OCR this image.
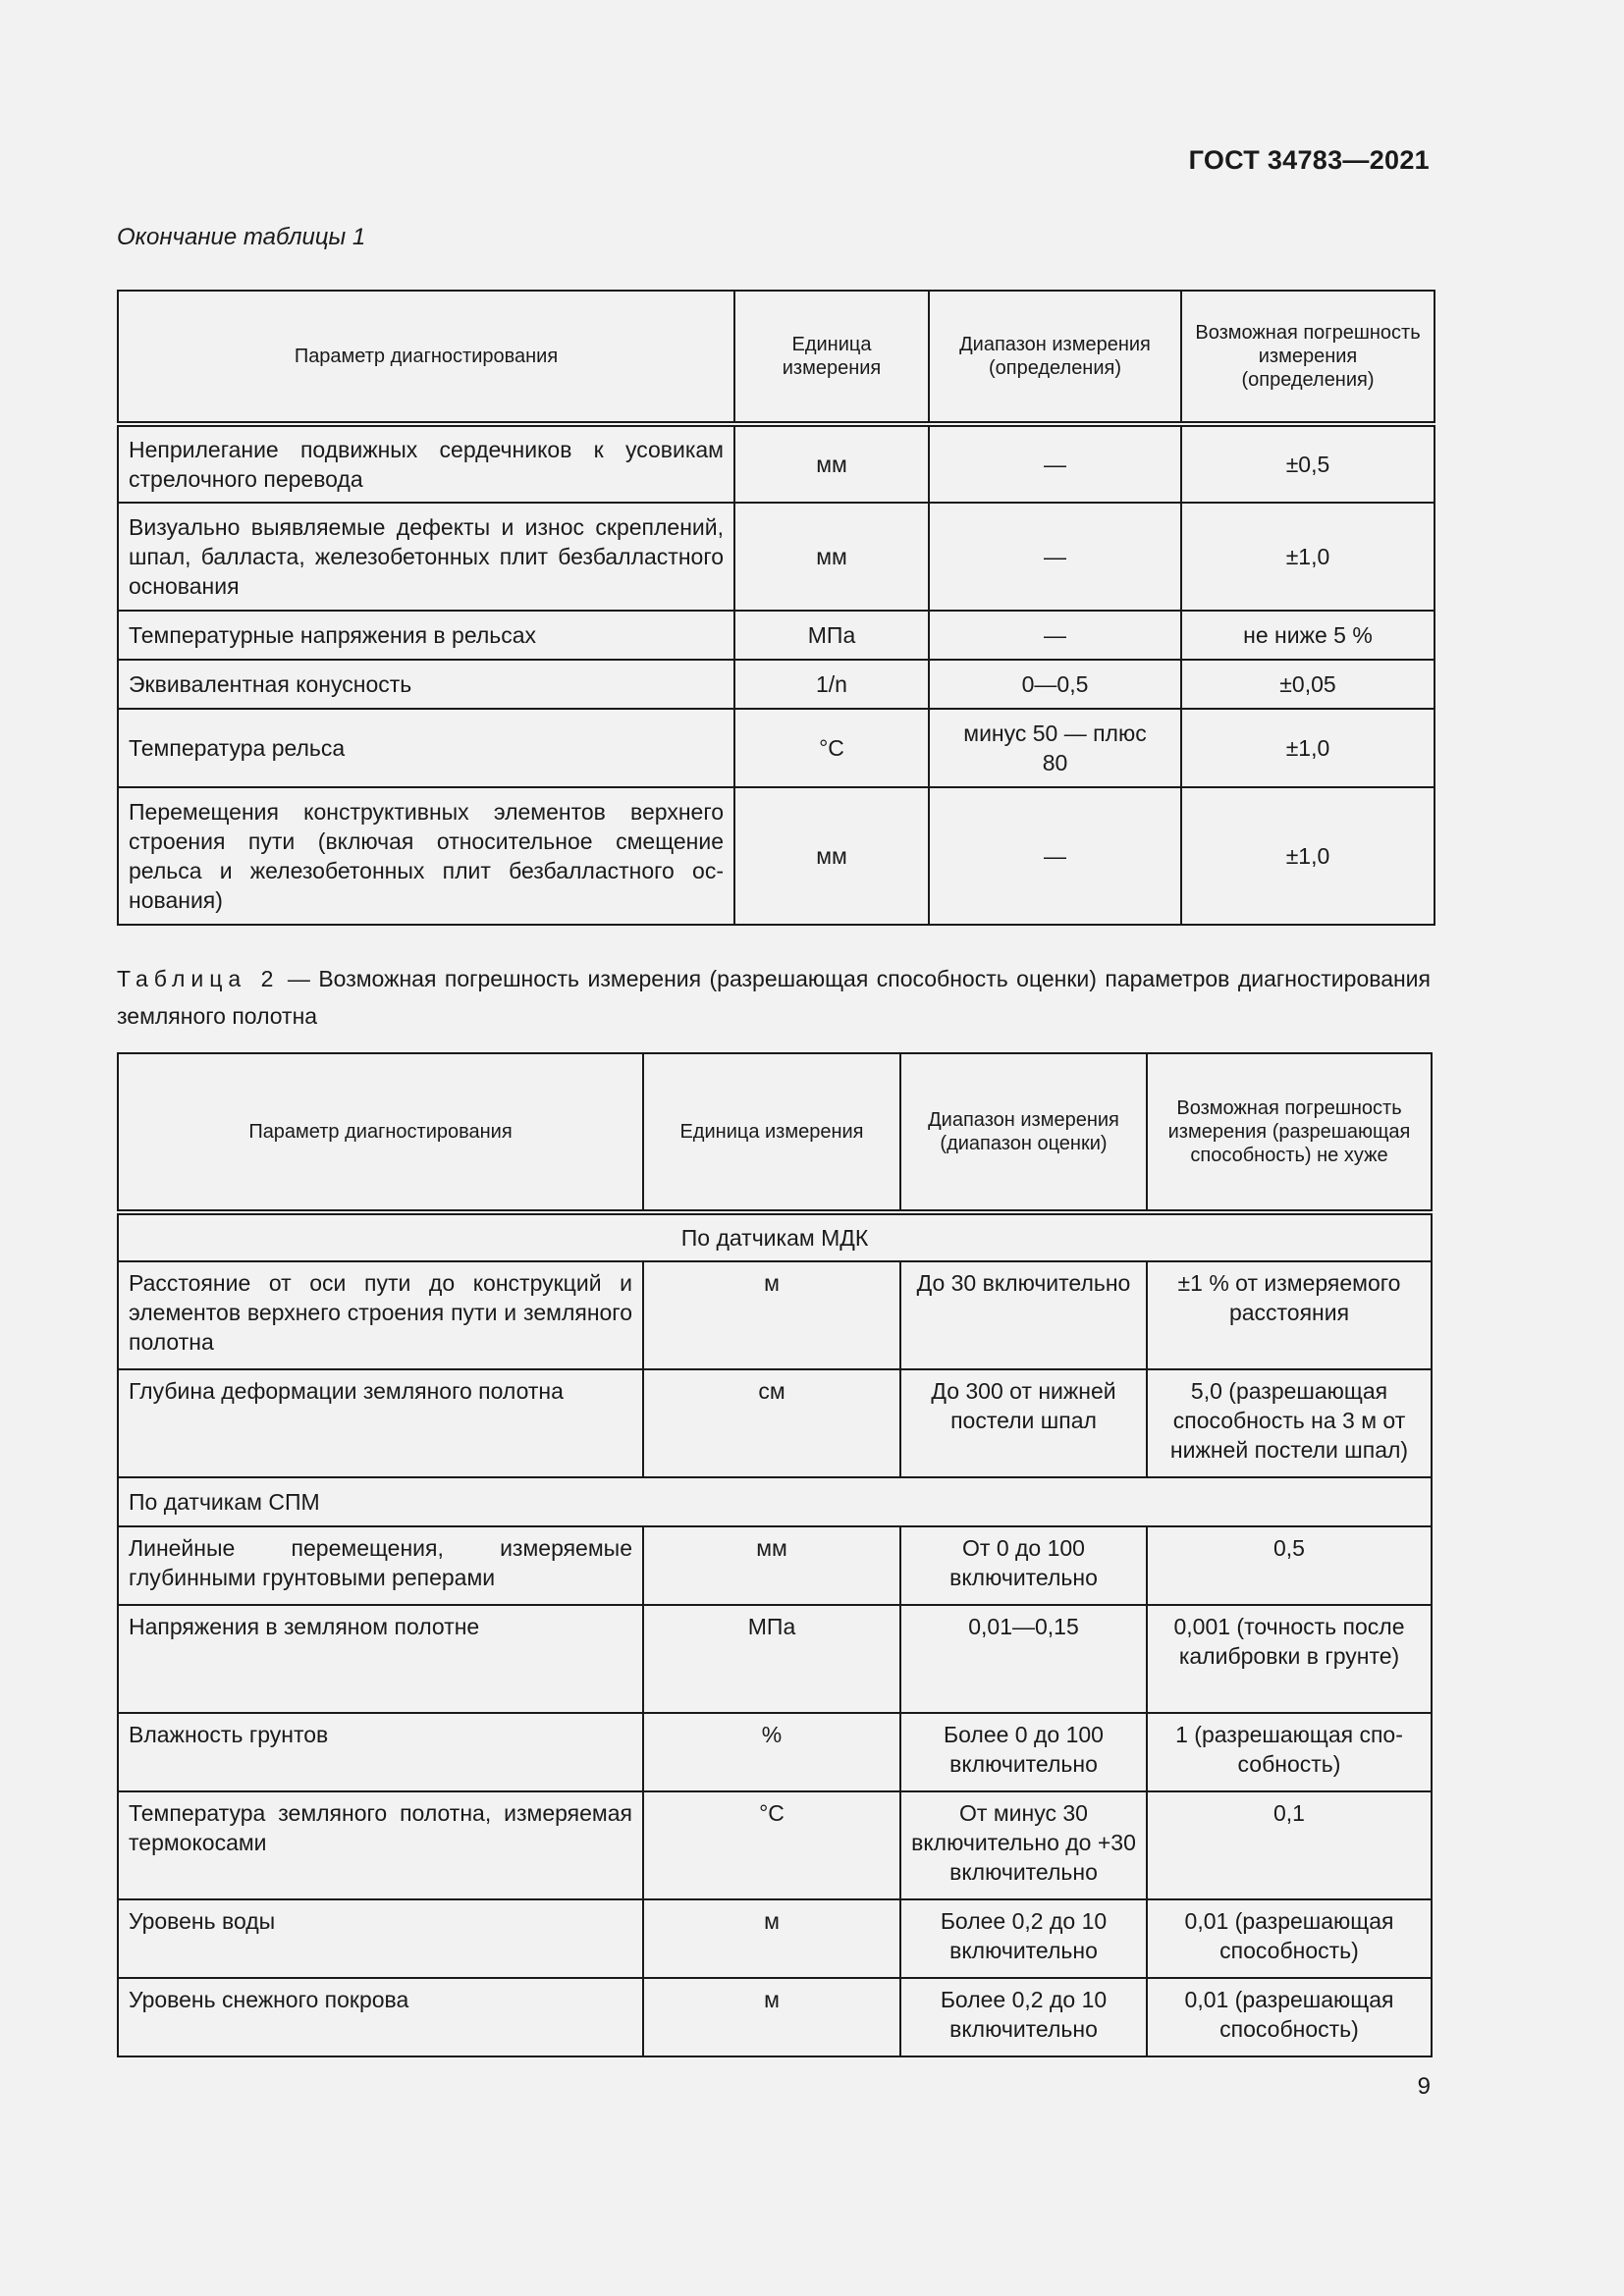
ГОСТ 34783—2021
Окончание таблицы 1
Параметр диагностирования	Единица измерения	Диапазон измерения (определения)	Возможная погрешность измерения (определения)
Неприлегание подвижных сердечников к усовикам стрелочного перевода	мм	—	±0,5
Визуально выявляемые дефекты и износ скреплений, шпал, балласта, железобетонных плит безбалластного основания	мм	—	±1,0
Температурные напряжения в рельсах	МПа	—	не ниже 5 %
Эквивалентная конусность	1/n	0—0,5	±0,05
Температура рельса	°С	минус 50 — плюс 80	±1,0
Перемещения конструктивных элементов верхнего строения пути (включая относительное смещение рельса и железобетонных плит безбалластного основания)	мм	—	±1,0
Таблица 2 — Возможная погрешность измерения (разрешающая способность оценки) параметров диагностирования земляного полотна
Параметр диагностирования	Единица измерения	Диапазон измерения (диапазон оценки)	Возможная погрешность измерения (разрешающая способность) не хуже
По датчикам МДК			
Расстояние от оси пути до конструкций и элементов верхнего строения пути и земляного полотна	м	До 30 включительно	±1 % от измеряемого расстояния
Глубина деформации земляного полотна	см	До 300 от нижней постели шпал	5,0 (разрешающая способность на 3 м от нижней постели шпал)
По датчикам СПМ			
Линейные перемещения, измеряемые глубинными грунтовыми реперами	мм	От 0 до 100 включительно	0,5
Напряжения в земляном полотне	МПа	0,01—0,15	0,001 (точность после калибровки в грунте)
Влажность грунтов	%	Более 0 до 100 включительно	1 (разрешающая способность)
Температура земляного полотна, измеряемая термокосами	°С	От минус 30 включительно до +30 включительно	0,1
Уровень воды	м	Более 0,2 до 10 включительно	0,01 (разрешающая способность)
Уровень снежного покрова	м	Более 0,2 до 10 включительно	0,01 (разрешающая способность)
9
